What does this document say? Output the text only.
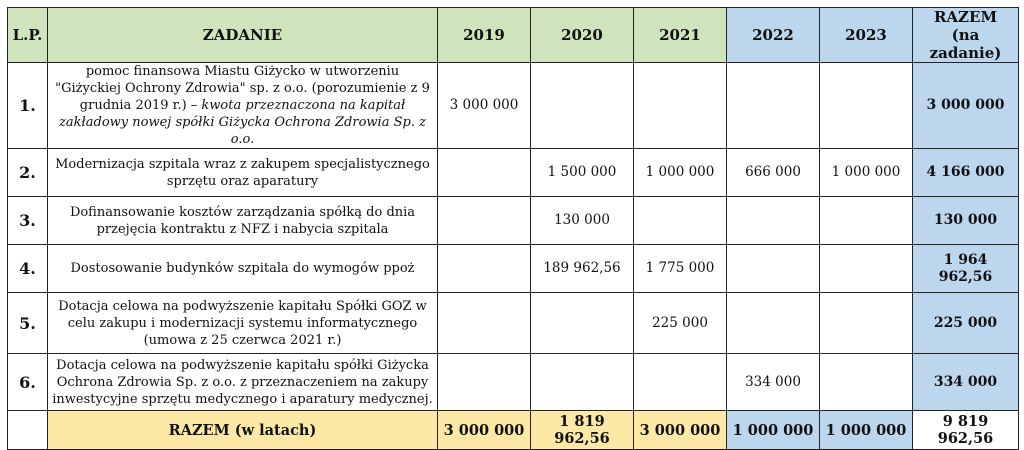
L.P.	ZADANIE	2019	2020	2021	2022	2023	RAZEM
(na zadanie)

1.	pomoc finansowa Miastu Giżycko w utworzeniu "Giżyckiej Ochrony Zdrowia" sp. z o.o. (porozumienie z 9 grudnia 2019 r.) – kwota przeznaczona na kapitał zakładowy nowej spółki Giżycka Ochrona Zdrowia Sp. z o.o.	3 000 000					3 000 000
2.	Modernizacja szpitala wraz z zakupem specjalistycznego sprzętu oraz aparatury		1 500 000	1 000 000	666 000	1 000 000	4 166 000
3.	Dofinansowanie kosztów zarządzania spółką do dnia przejęcia kontraktu z NFZ i nabycia szpitala		130 000				130 000
4.	Dostosowanie budynków szpitala do wymogów ppoż		189 962,56	1 775 000			1 964 962,56
5.	Dotacja celowa na podwyższenie kapitału Spółki GOZ w celu zakupu i modernizacji systemu informatycznego (umowa z 25 czerwca 2021 r.)			225 000			225 000
6.	Dotacja celowa na podwyższenie kapitału spółki Giżycka Ochrona Zdrowia Sp. z o.o. z przeznaczeniem na zakupy inwestycyjne sprzętu medycznego i aparatury medycznej.				334 000		334 000
	RAZEM (w latach)	3 000 000	1 819 962,56	3 000 000	1 000 000	1 000 000	9 819 962,56
